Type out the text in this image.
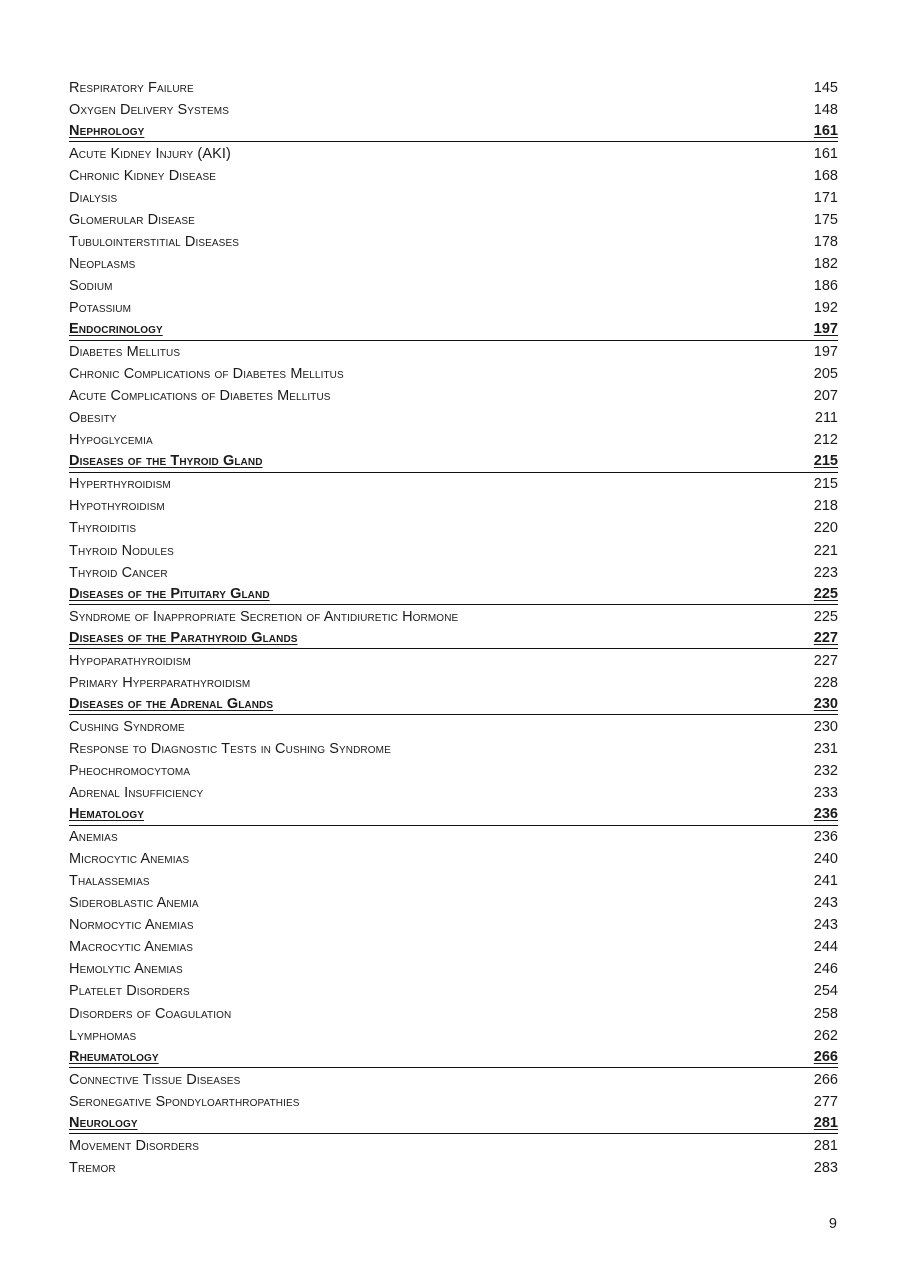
Respiratory Failure	145
Oxygen Delivery Systems	148
Nephrology	161
Acute Kidney Injury (AKI)	161
Chronic Kidney Disease	168
Dialysis	171
Glomerular Disease	175
Tubulointerstitial Diseases	178
Neoplasms	182
Sodium	186
Potassium	192
Endocrinology	197
Diabetes Mellitus	197
Chronic Complications of Diabetes Mellitus	205
Acute Complications of Diabetes Mellitus	207
Obesity	211
Hypoglycemia	212
Diseases of the Thyroid Gland	215
Hyperthyroidism	215
Hypothyroidism	218
Thyroiditis	220
Thyroid Nodules	221
Thyroid Cancer	223
Diseases of the Pituitary Gland	225
Syndrome of Inappropriate Secretion of Antidiuretic Hormone	225
Diseases of the Parathyroid Glands	227
Hypoparathyroidism	227
Primary Hyperparathyroidism	228
Diseases of the Adrenal Glands	230
Cushing Syndrome	230
Response to Diagnostic Tests in Cushing Syndrome	231
Pheochromocytoma	232
Adrenal Insufficiency	233
Hematology	236
Anemias	236
Microcytic Anemias	240
Thalassemias	241
Sideroblastic Anemia	243
Normocytic Anemias	243
Macrocytic Anemias	244
Hemolytic Anemias	246
Platelet Disorders	254
Disorders of Coagulation	258
Lymphomas	262
Rheumatology	266
Connective Tissue Diseases	266
Seronegative Spondyloarthropathies	277
Neurology	281
Movement Disorders	281
Tremor	283
9
